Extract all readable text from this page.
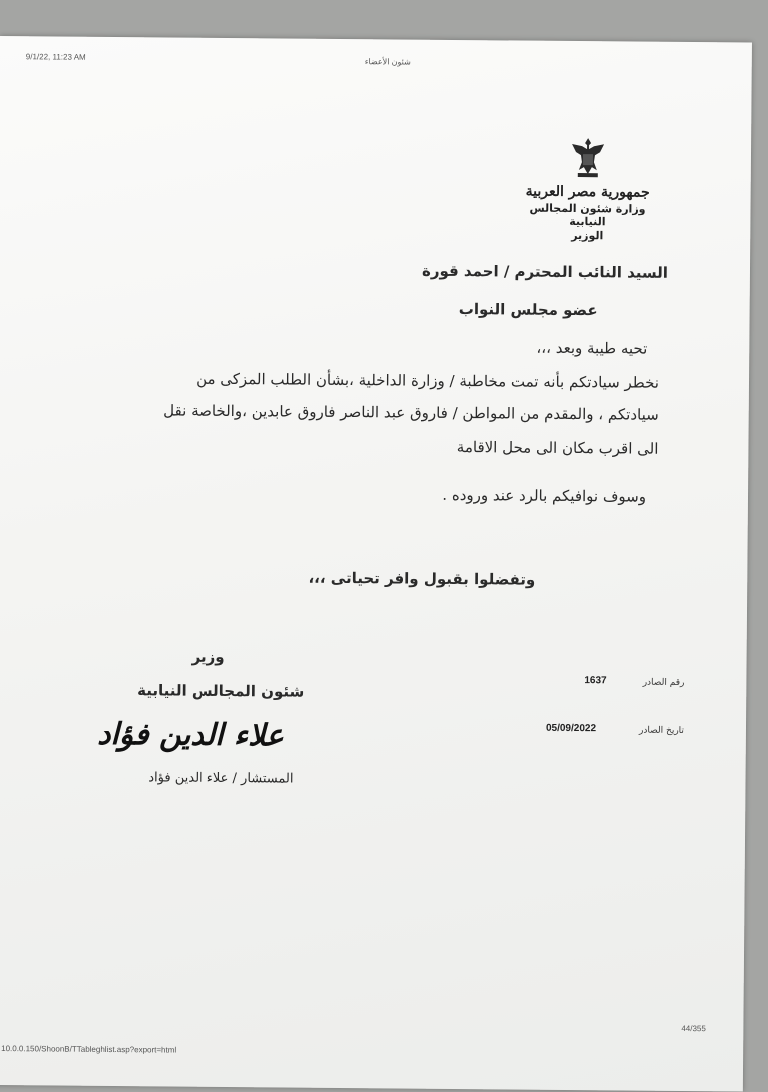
9/1/22, 11:23 AM
شئون الأعضاء
جمهورية مصر العربية
وزارة شئون المجالس النيابية
الوزير
السيد النائب المحترم / احمد قورة
عضو مجلس النواب
تحيه طيبة وبعد ،،،
نخطر سيادتكم بأنه تمت مخاطبة / وزارة الداخلية ،بشأن الطلب المزكى من
سيادتكم ، والمقدم من المواطن / فاروق عبد الناصر فاروق عابدين ،والخاصة نقل
الى اقرب مكان الى محل الاقامة
وسوف نوافيكم بالرد عند وروده .
وتفضلوا بقبول وافر تحياتى ،،،
وزير
شئون المجالس النيابية
علاء الدين فؤاد
المستشار / علاء الدين فؤاد
رقم الصادر
1637
تاريخ الصادر
05/09/2022
44/355
10.0.0.150/ShoonB/TTableghlist.asp?export=html
